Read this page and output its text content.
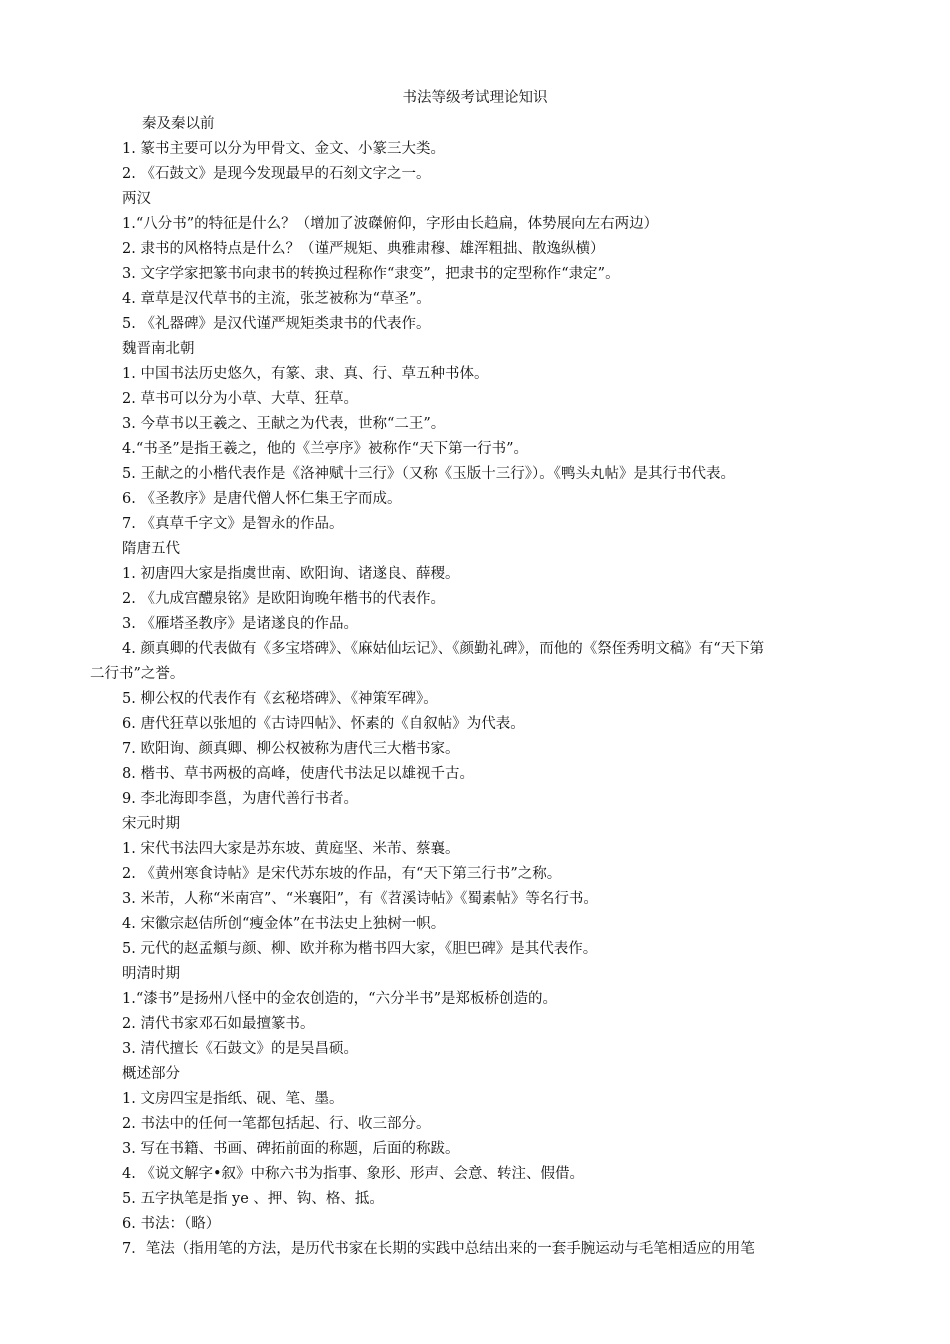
书法等级考试理论知识
秦及秦以前
1. 篆书主要可以分为甲骨文、金文、小篆三大类。
2. 《石鼓文》是现今发现最早的石刻文字之一。
两汉
1.“八分书”的特征是什么？（增加了波磔俯仰，字形由长趋扁，体势展向左右两边）
2. 隶书的风格特点是什么？（谨严规矩、典雅肃穆、雄浑粗拙、散逸纵横）
3. 文字学家把篆书向隶书的转换过程称作“隶变”，把隶书的定型称作“隶定”。
4. 章草是汉代草书的主流，张芝被称为“草圣”。
5. 《礼器碑》是汉代谨严规矩类隶书的代表作。
魏晋南北朝
1. 中国书法历史悠久，有篆、隶、真、行、草五种书体。
2. 草书可以分为小草、大草、狂草。
3. 今草书以王羲之、王献之为代表，世称“二王”。
4.“书圣”是指王羲之，他的《兰亭序》被称作“天下第一行书”。
5. 王献之的小楷代表作是《洛神赋十三行》（又称《玉版十三行》）。《鸭头丸帖》是其行书代表。
6. 《圣教序》是唐代僧人怀仁集王字而成。
7. 《真草千字文》是智永的作品。
隋唐五代
1. 初唐四大家是指虞世南、欧阳询、诸遂良、薛稷。
2. 《九成宫醴泉铭》是欧阳询晚年楷书的代表作。
3. 《雁塔圣教序》是诸遂良的作品。
4. 颜真卿的代表做有《多宝塔碑》、《麻姑仙坛记》、《颜勤礼碑》，而他的《祭侄秀明文稿》有“天下第
二行书”之誉。
5. 柳公权的代表作有《玄秘塔碑》、《神策军碑》。
6. 唐代狂草以张旭的《古诗四帖》、怀素的《自叙帖》为代表。
7. 欧阳询、颜真卿、柳公权被称为唐代三大楷书家。
8. 楷书、草书两极的高峰，使唐代书法足以雄视千古。
9. 李北海即李邕，为唐代善行书者。
宋元时期
1. 宋代书法四大家是苏东坡、黄庭坚、米芾、蔡襄。
2. 《黄州寒食诗帖》是宋代苏东坡的作品，有“天下第三行书”之称。
3. 米芾，人称“米南宫”、“米襄阳”，有《苕溪诗帖》《蜀素帖》等名行书。
4. 宋徽宗赵佶所创“瘦金体”在书法史上独树一帜。
5. 元代的赵孟頫与颜、柳、欧并称为楷书四大家，《胆巴碑》是其代表作。
明清时期
1.“漆书”是扬州八怪中的金农创造的，“六分半书”是郑板桥创造的。
2. 清代书家邓石如最擅篆书。
3. 清代擅长《石鼓文》的是吴昌硕。
概述部分
1. 文房四宝是指纸、砚、笔、墨。
2. 书法中的任何一笔都包括起、行、收三部分。
3. 写在书籍、书画、碑拓前面的称题，后面的称跋。
4. 《说文解字•叙》中称六书为指事、象形、形声、会意、转注、假借。
5. 五字执笔是指 ye 、押、钩、格、抵。
6. 书法：（略）
7．笔法（指用笔的方法，是历代书家在长期的实践中总结出来的一套手腕运动与毛笔相适应的用笔
